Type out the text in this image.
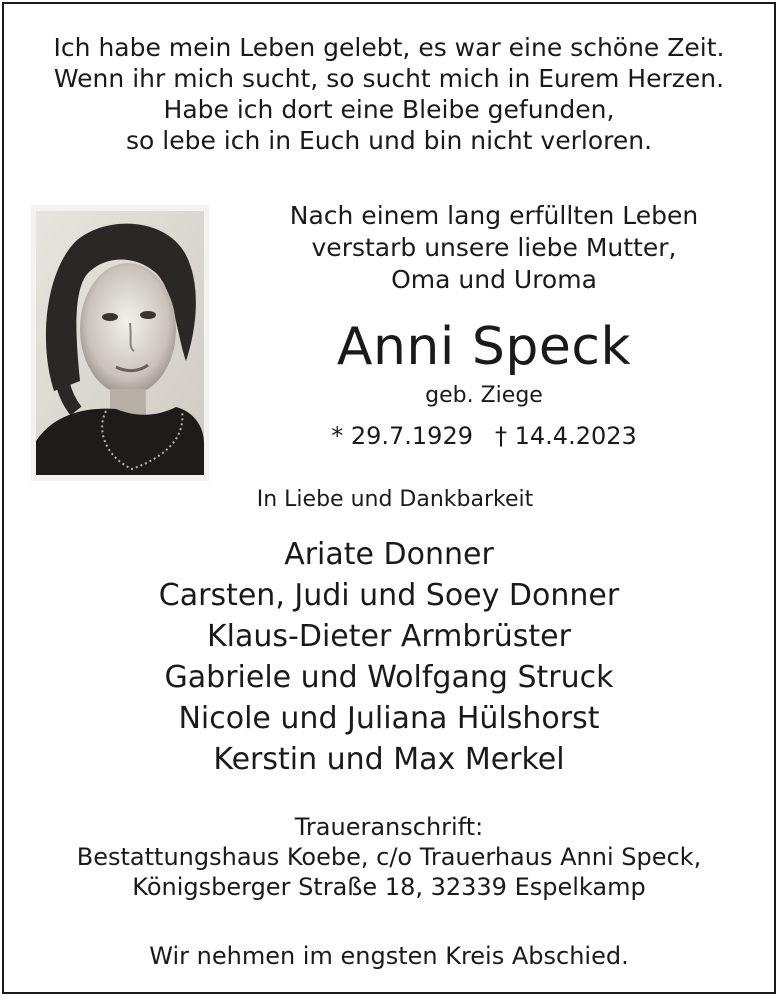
Ich habe mein Leben gelebt, es war eine schöne Zeit.
Wenn ihr mich sucht, so sucht mich in Eurem Herzen.
Habe ich dort eine Bleibe gefunden,
so lebe ich in Euch und bin nicht verloren.
Nach einem lang erfüllten Leben
verstarb unsere liebe Mutter,
Oma und Uroma
Anni Speck
geb. Ziege
* 29.7.1929 † 14.4.2023
In Liebe und Dankbarkeit
Ariate Donner
Carsten, Judi und Soey Donner
Klaus-Dieter Armbrüster
Gabriele und Wolfgang Struck
Nicole und Juliana Hülshorst
Kerstin und Max Merkel
Traueranschrift:
Bestattungshaus Koebe, c/o Trauerhaus Anni Speck,
Königsberger Straße 18, 32339 Espelkamp
Wir nehmen im engsten Kreis Abschied.
